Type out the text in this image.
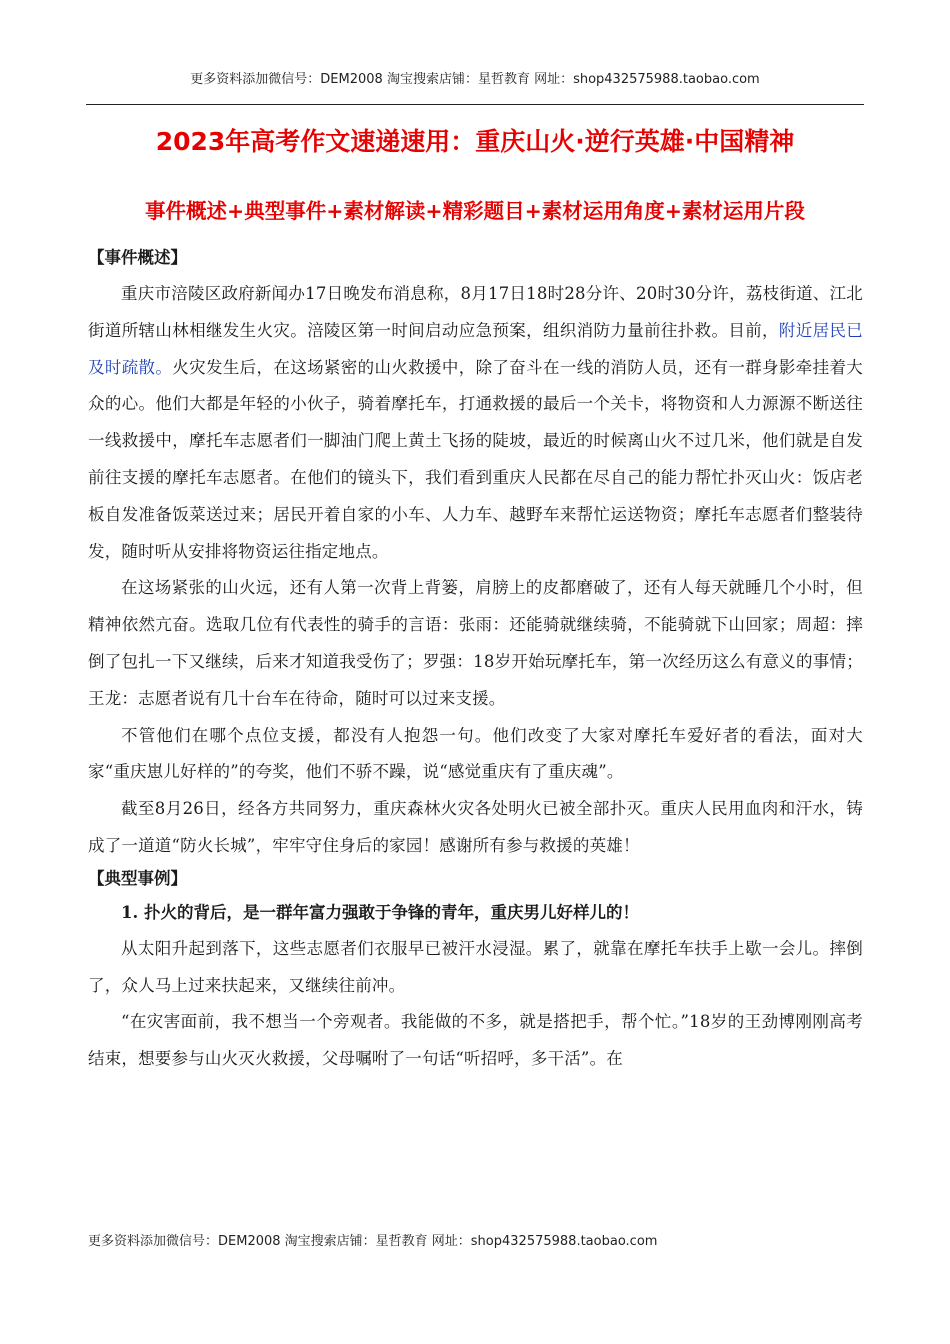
更多资料添加微信号：DEM2008 淘宝搜索店铺：星哲教育 网址：shop432575988.taobao.com
2023年高考作文速递速用：重庆山火·逆行英雄·中国精神
事件概述+典型事件+素材解读+精彩题目+素材运用角度+素材运用片段

【事件概述】

重庆市涪陵区政府新闻办17日晚发布消息称，8月17日18时28分许、20时30分许，荔枝街道、江北街道所辖山林相继发生火灾。涪陵区第一时间启动应急预案，组织消防力量前往扑救。目前，附近居民已及时疏散。火灾发生后，在这场紧密的山火救援中，除了奋斗在一线的消防人员，还有一群身影牵挂着大众的心。他们大都是年轻的小伙子，骑着摩托车，打通救援的最后一个关卡，将物资和人力源源不断送往一线救援中，摩托车志愿者们一脚油门爬上黄土飞扬的陡坡，最近的时候离山火不过几米，他们就是自发前往支援的摩托车志愿者。在他们的镜头下，我们看到重庆人民都在尽自己的能力帮忙扑灭山火：饭店老板自发准备饭菜送过来；居民开着自家的小车、人力车、越野车来帮忙运送物资；摩托车志愿者们整装待发，随时听从安排将物资运往指定地点。

在这场紧张的山火远，还有人第一次背上背篓，肩膀上的皮都磨破了，还有人每天就睡几个小时，但精神依然亢奋。选取几位有代表性的骑手的言语：张雨：还能骑就继续骑，不能骑就下山回家；周超：摔倒了包扎一下又继续，后来才知道我受伤了；罗强：18岁开始玩摩托车，第一次经历这么有意义的事情；王龙：志愿者说有几十台车在待命，随时可以过来支援。

不管他们在哪个点位支援，都没有人抱怨一句。他们改变了大家对摩托车爱好者的看法，面对大家“重庆崽儿好样的”的夸奖，他们不骄不躁，说“感觉重庆有了重庆魂”。

截至8月26日，经各方共同努力，重庆森林火灾各处明火已被全部扑灭。重庆人民用血肉和汗水，铸成了一道道“防火长城”，牢牢守住身后的家园！感谢所有参与救援的英雄！

【典型事例】

1. 扑火的背后，是一群年富力强敢于争锋的青年，重庆男儿好样儿的！

从太阳升起到落下，这些志愿者们衣服早已被汗水浸湿。累了，就靠在摩托车扶手上歇一会儿。摔倒了，众人马上过来扶起来，又继续往前冲。

“在灾害面前，我不想当一个旁观者。我能做的不多，就是搭把手，帮个忙。”18岁的王劲博刚刚高考结束，想要参与山火灭火救援，父母嘱咐了一句话“听招呼，多干活”。在

更多资料添加微信号：DEM2008 淘宝搜索店铺：星哲教育 网址：shop432575988.taobao.com
